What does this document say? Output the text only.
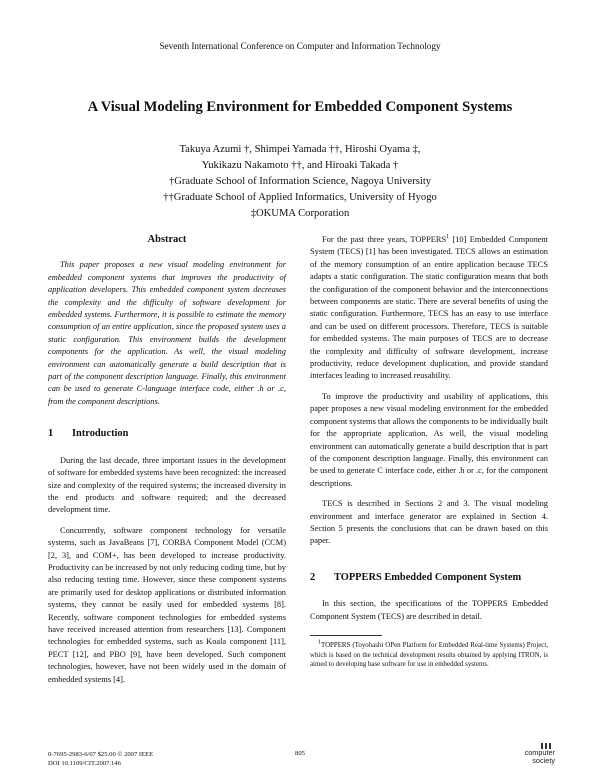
Seventh International Conference on Computer and Information Technology
A Visual Modeling Environment for Embedded Component Systems
Takuya Azumi †, Shimpei Yamada ††, Hiroshi Oyama ‡,
Yukikazu Nakamoto ††, and Hiroaki Takada †
†Graduate School of Information Science, Nagoya University
††Graduate School of Applied Informatics, University of Hyogo
‡OKUMA Corporation
Abstract

This paper proposes a new visual modeling environment for embedded component systems that improves the productivity of application developers. This embedded component system decreases the complexity and the difficulty of software development for embedded systems. Furthermore, it is possible to estimate the memory consumption of an entire application, since the proposed system uses a static configuration. This environment builds the development components for the application. As well, the visual modeling environment can automatically generate a build description that is part of the component description language. Finally, this environment can be used to generate C-language interface code, either .h or .c, from the component descriptions.

1 Introduction

During the last decade, three important issues in the development of software for embedded systems have been recognized: the increased size and complexity of the required systems; the increased diversity in the end products and software required; and the decreased development time.

Concurrently, software component technology for versatile systems, such as JavaBeans [7], CORBA Component Model (CCM) [2, 3], and COM+, has been developed to increase productivity. Productivity can be increased by not only reducing coding time, but by also reducing testing time. However, since these component systems are primarily used for desktop applications or distributed information systems, they cannot be easily used for embedded systems [8]. Recently, software component technologies for embedded systems have received increased attention from researchers [13]. Component technologies for embedded systems, such as Koala component [11], PECT [12], and PBO [9], have been developed. Such component technologies, however, have not been widely used in the domain of embedded systems [4].

For the past three years, TOPPERS$^1$ [10] Embedded Component System (TECS) [1] has been investigated. TECS allows an estimation of the memory consumption of an entire application because TECS adapts a static configuration. The static configuration means that both the configuration of the component behavior and the interconnections between components are static. There are several benefits of using the static configuration. Furthermore, TECS has an easy to use interface and can be used on different processors. Therefore, TECS is suitable for embedded systems. The main purposes of TECS are to decrease the complexity and difficulty of software development, increase productivity, reduce development duplication, and provide standard interfaces leading to increased reusability.

To improve the productivity and usability of applications, this paper proposes a new visual modeling environment for the embedded component systems that allows the components to be individually built for the appropriate application. As well, the visual modeling environment can automatically generate a build description that is part of the component description language. Finally, this environment can be used to generate C interface code, either .h or .c, for the component descriptions.

TECS is described in Sections 2 and 3. The visual modeling environment and interface generator are explained in Section 4. Section 5 presents the conclusions that can be drawn based on this paper.

2 TOPPERS Embedded Component System

In this section, the specifications of the TOPPERS Embedded Component System (TECS) are described in detail.

$^1$TOPPERS (Toyohashi OPen Platform for Embedded Real-time Systems) Project, which is based on the technical development results obtained by applying ITRON, is aimed to developing base software for use in embedded systems.

0-7695-2983-6/07 $25.00 © 2007 IEEE
DOI 10.1109/CIT.2007.146
805	computer
society
